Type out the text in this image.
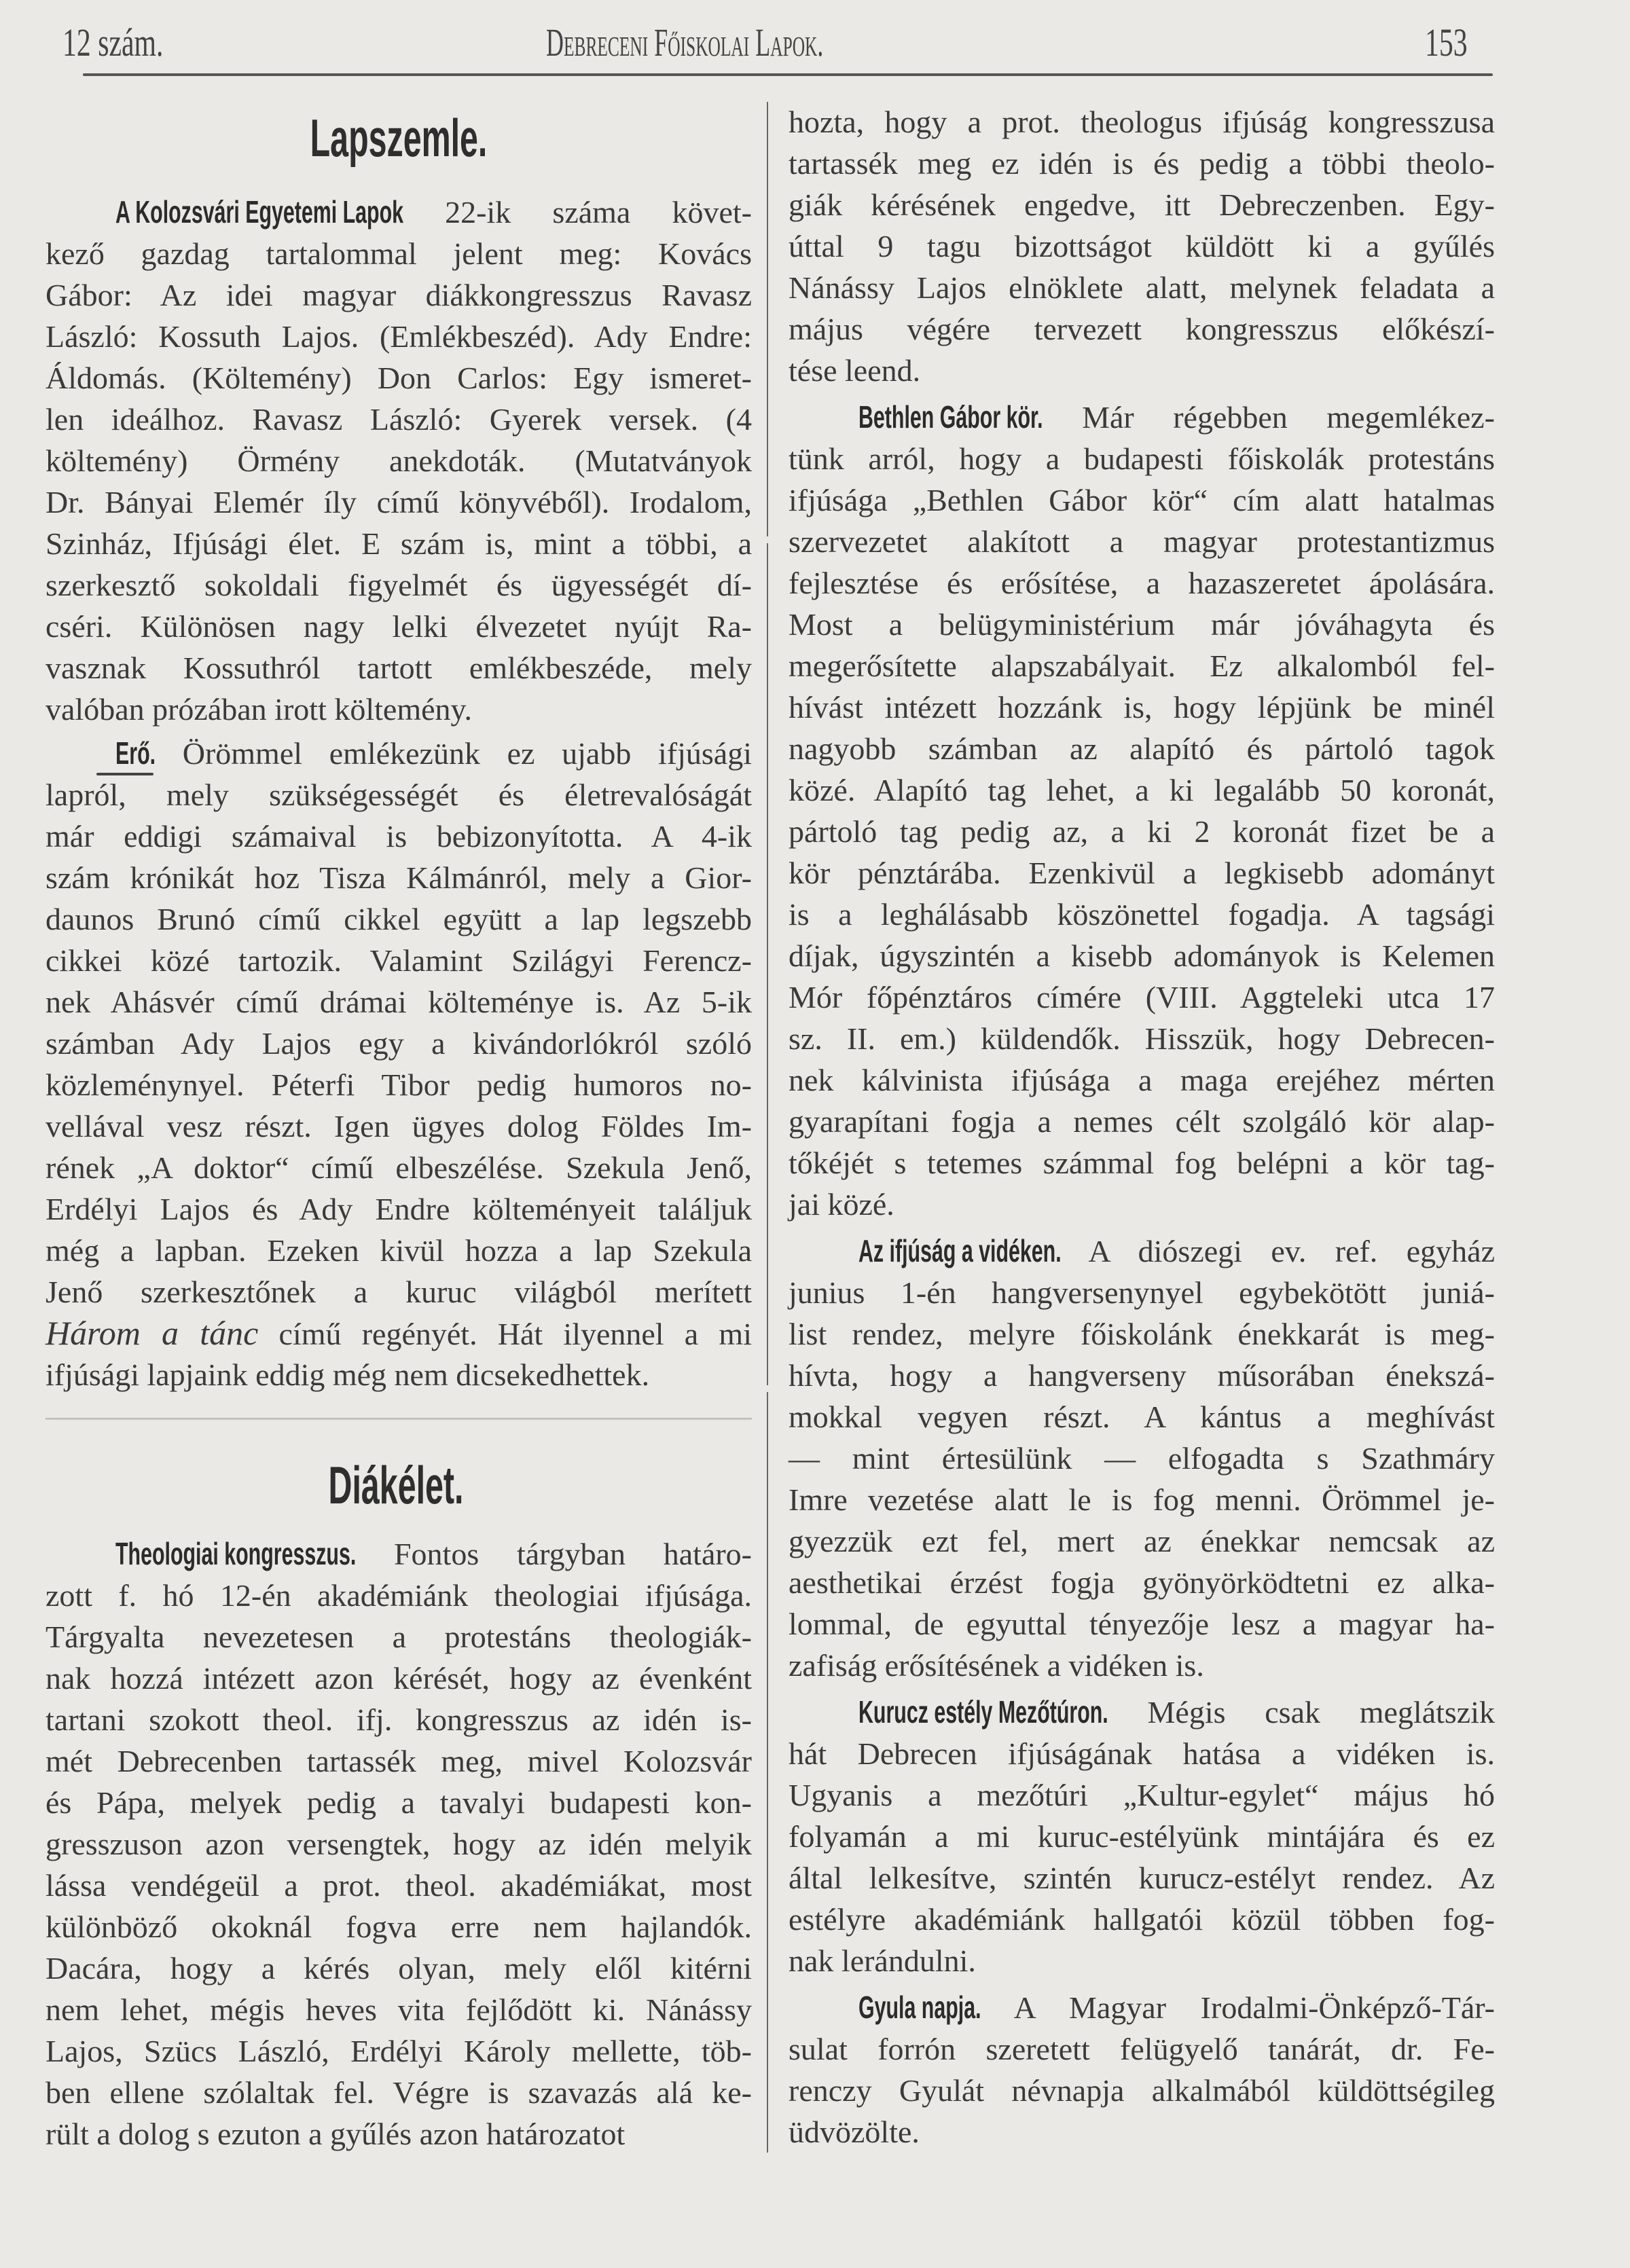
12 szám.	Debreceni Főiskolai Lapok.	153
Lapszemle.
A Kolozsvári Egyetemi Lapok 22-ik száma követ-
kező gazdag tartalommal jelent meg: Kovács
Gábor: Az idei magyar diákkongresszus Ravasz
László: Kossuth Lajos. (Emlékbeszéd). Ady Endre:
Áldomás. (Költemény) Don Carlos: Egy ismeret-
len ideálhoz. Ravasz László: Gyerek versek. (4
költemény) Örmény anekdoták. (Mutatványok
Dr. Bányai Elemér íly című könyvéből). Irodalom,
Szinház, Ifjúsági élet. E szám is, mint a többi, a
szerkesztő sokoldali figyelmét és ügyességét dí-
cséri. Különösen nagy lelki élvezetet nyújt Ra-
vasznak Kossuthról tartott emlékbeszéde, mely
valóban prózában irott költemény.
Erő. Örömmel emlékezünk ez ujabb ifjúsági
lapról, mely szükségességét és életrevalóságát
már eddigi számaival is bebizonyította. A 4-ik
szám krónikát hoz Tisza Kálmánról, mely a Gior-
daunos Brunó című cikkel együtt a lap legszebb
cikkei közé tartozik. Valamint Szilágyi Ferencz-
nek Ahásvér című drámai költeménye is. Az 5-ik
számban Ady Lajos egy a kivándorlókról szóló
közleménynyel. Péterfi Tibor pedig humoros no-
vellával vesz részt. Igen ügyes dolog Földes Im-
rének „A doktor“ című elbeszélése. Szekula Jenő,
Erdélyi Lajos és Ady Endre költeményeit találjuk
még a lapban. Ezeken kivül hozza a lap Szekula
Jenő szerkesztőnek a kuruc világból merített
Három a tánc című regényét. Hát ilyennel a mi
ifjúsági lapjaink eddig még nem dicsekedhettek.
Diákélet.
Theologiai kongresszus. Fontos tárgyban határo-
zott f. hó 12-én akadémiánk theologiai ifjúsága.
Tárgyalta nevezetesen a protestáns theologiák-
nak hozzá intézett azon kérését, hogy az évenként
tartani szokott theol. ifj. kongresszus az idén is-
mét Debrecenben tartassék meg, mivel Kolozsvár
és Pápa, melyek pedig a tavalyi budapesti kon-
gresszuson azon versengtek, hogy az idén melyik
lássa vendégeül a prot. theol. akadémiákat, most
különböző okoknál fogva erre nem hajlandók.
Dacára, hogy a kérés olyan, mely elől kitérni
nem lehet, mégis heves vita fejlődött ki. Nánássy
Lajos, Szücs László, Erdélyi Károly mellette, töb-
ben ellene szólaltak fel. Végre is szavazás alá ke-
rült a dolog s ezuton a gyűlés azon határozatot
hozta, hogy a prot. theologus ifjúság kongresszusa
tartassék meg ez idén is és pedig a többi theolo-
giák kérésének engedve, itt Debreczenben. Egy-
úttal 9 tagu bizottságot küldött ki a gyűlés
Nánássy Lajos elnöklete alatt, melynek feladata a
május végére tervezett kongresszus előkészí-
tése leend.
Bethlen Gábor kör. Már régebben megemlékez-
tünk arról, hogy a budapesti főiskolák protestáns
ifjúsága „Bethlen Gábor kör“ cím alatt hatalmas
szervezetet alakított a magyar protestantizmus
fejlesztése és erősítése, a hazaszeretet ápolására.
Most a belügyministérium már jóváhagyta és
megerősítette alapszabályait. Ez alkalomból fel-
hívást intézett hozzánk is, hogy lépjünk be minél
nagyobb számban az alapító és pártoló tagok
közé. Alapító tag lehet, a ki legalább 50 koronát,
pártoló tag pedig az, a ki 2 koronát fizet be a
kör pénztárába. Ezenkivül a legkisebb adományt
is a leghálásabb köszönettel fogadja. A tagsági
díjak, úgyszintén a kisebb adományok is Kelemen
Mór főpénztáros címére (VIII. Aggteleki utca 17
sz. II. em.) küldendők. Hisszük, hogy Debrecen-
nek kálvinista ifjúsága a maga erejéhez mérten
gyarapítani fogja a nemes célt szolgáló kör alap-
tőkéjét s tetemes számmal fog belépni a kör tag-
jai közé.
Az ifjúság a vidéken. A diószegi ev. ref. egyház
junius 1-én hangversenynyel egybekötött juniá-
list rendez, melyre főiskolánk énekkarát is meg-
hívta, hogy a hangverseny műsorában énekszá-
mokkal vegyen részt. A kántus a meghívást
— mint értesülünk — elfogadta s Szathmáry
Imre vezetése alatt le is fog menni. Örömmel je-
gyezzük ezt fel, mert az énekkar nemcsak az
aesthetikai érzést fogja gyönyörködtetni ez alka-
lommal, de egyuttal tényezője lesz a magyar ha-
zafiság erősítésének a vidéken is.
Kurucz estély Mezőtúron. Mégis csak meglátszik
hát Debrecen ifjúságának hatása a vidéken is.
Ugyanis a mezőtúri „Kultur-egylet“ május hó
folyamán a mi kuruc-estélyünk mintájára és ez
által lelkesítve, szintén kurucz-estélyt rendez. Az
estélyre akadémiánk hallgatói közül többen fog-
nak lerándulni.
Gyula napja. A Magyar Irodalmi-Önképző-Tár-
sulat forrón szeretett felügyelő tanárát, dr. Fe-
renczy Gyulát névnapja alkalmából küldöttségileg
üdvözölte.
